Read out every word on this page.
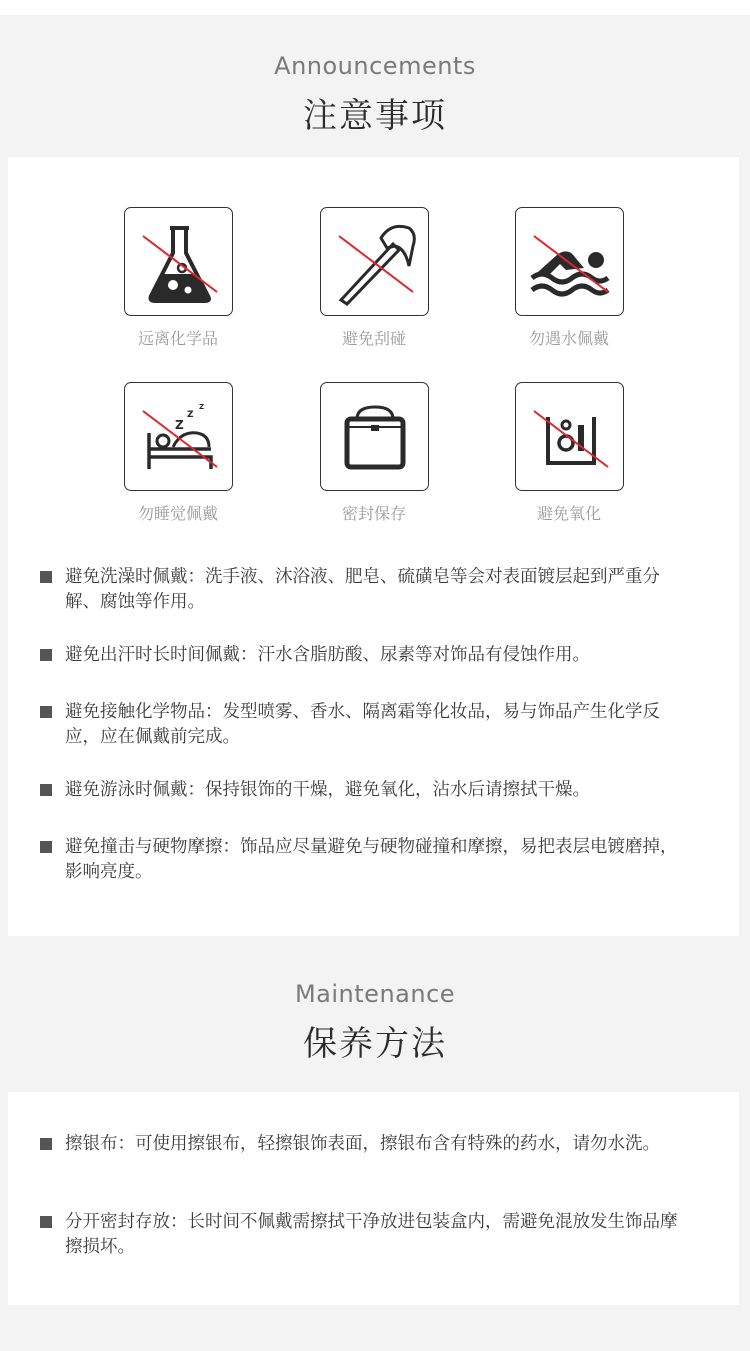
Announcements
注意事项
远离化学品	避免刮碰	勿遇水佩戴
Z
Z
Z
勿睡觉佩戴	密封保存	避免氧化
避免洗澡时佩戴：洗手液、沐浴液、肥皂、硫磺皂等会对表面镀层起到严重分解、腐蚀等作用。
避免出汗时长时间佩戴：汗水含脂肪酸、尿素等对饰品有侵蚀作用。
避免接触化学物品：发型喷雾、香水、隔离霜等化妆品，易与饰品产生化学反应，应在佩戴前完成。
避免游泳时佩戴：保持银饰的干燥，避免氧化，沾水后请擦拭干燥。
避免撞击与硬物摩擦：饰品应尽量避免与硬物碰撞和摩擦，易把表层电镀磨掉，影响亮度。
Maintenance
保养方法
擦银布：可使用擦银布，轻擦银饰表面，擦银布含有特殊的药水，请勿水洗。
分开密封存放：长时间不佩戴需擦拭干净放进包装盒内，需避免混放发生饰品摩擦损坏。
